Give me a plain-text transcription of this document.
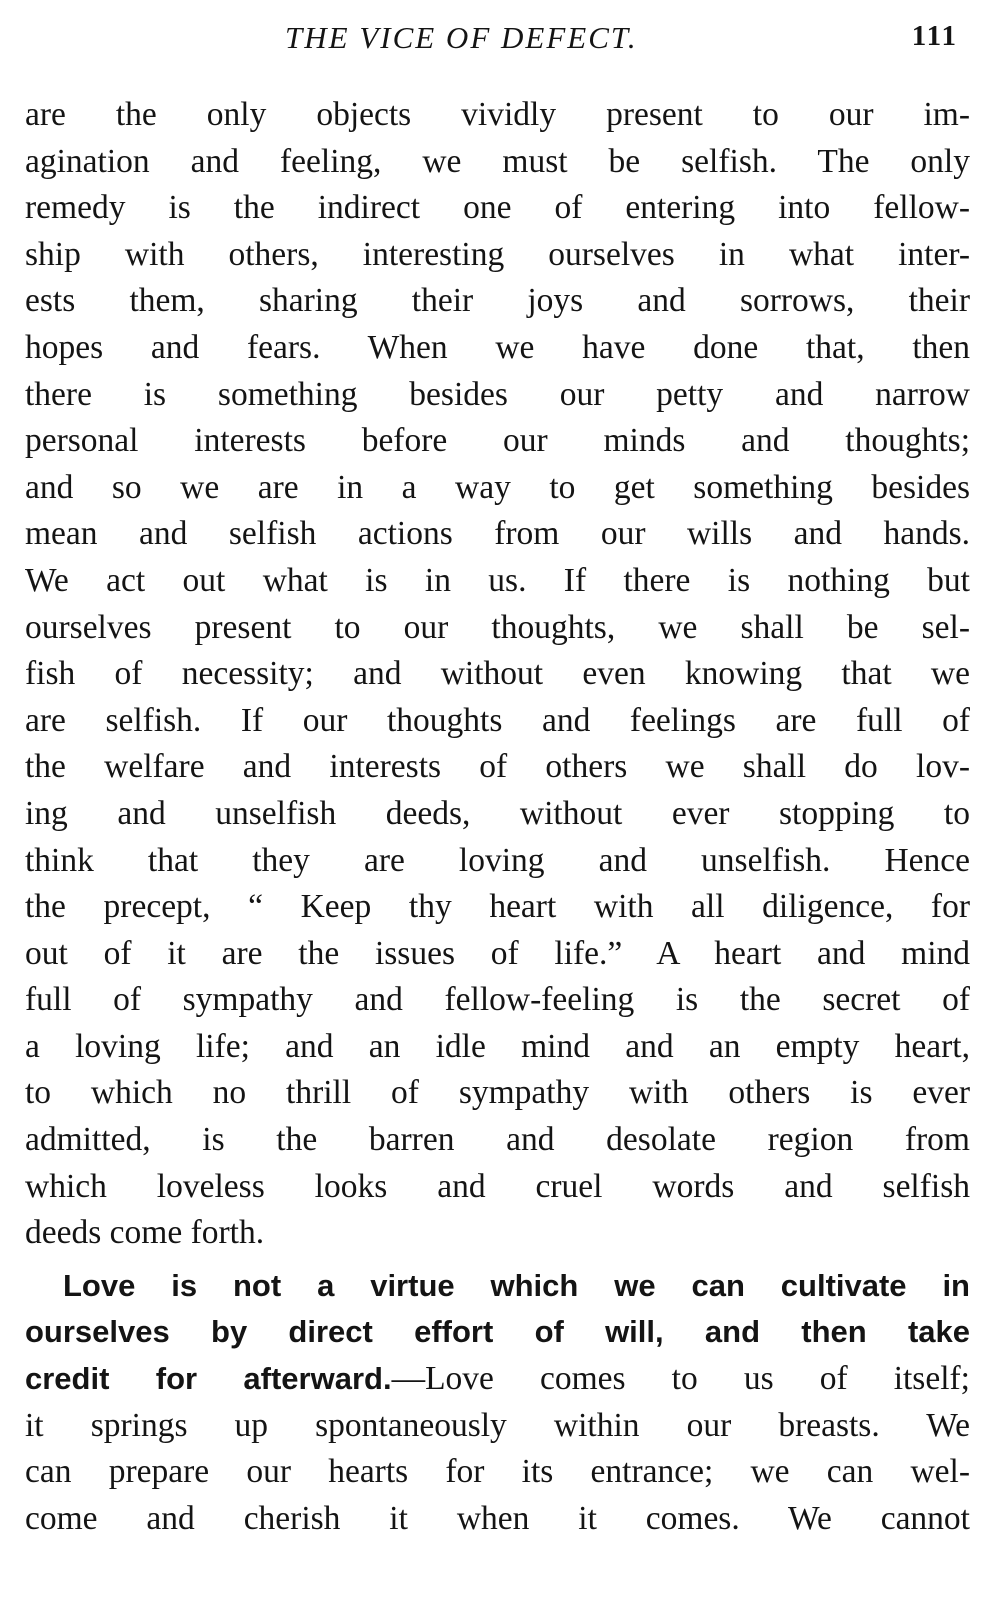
THE VICE OF DEFECT.	111
are the only objects vividly present to our im-
agination and feeling, we must be selfish. The only
remedy is the indirect one of entering into fellow-
ship with others, interesting ourselves in what inter-
ests them, sharing their joys and sorrows, their
hopes and fears. When we have done that, then
there is something besides our petty and narrow
personal interests before our minds and thoughts;
and so we are in a way to get something besides
mean and selfish actions from our wills and hands.
We act out what is in us. If there is nothing but
ourselves present to our thoughts, we shall be sel-
fish of necessity; and without even knowing that we
are selfish. If our thoughts and feelings are full of
the welfare and interests of others we shall do lov-
ing and unselfish deeds, without ever stopping to
think that they are loving and unselfish. Hence
the precept, “ Keep thy heart with all diligence, for
out of it are the issues of life.” A heart and mind
full of sympathy and fellow-feeling is the secret of
a loving life; and an idle mind and an empty heart,
to which no thrill of sympathy with others is ever
admitted, is the barren and desolate region from
which loveless looks and cruel words and selfish
deeds come forth.
Love is not a virtue which we can cultivate in
ourselves by direct effort of will, and then take
credit for afterward.—Love comes to us of itself;
it springs up spontaneously within our breasts. We
can prepare our hearts for its entrance; we can wel-
come and cherish it when it comes. We cannot
